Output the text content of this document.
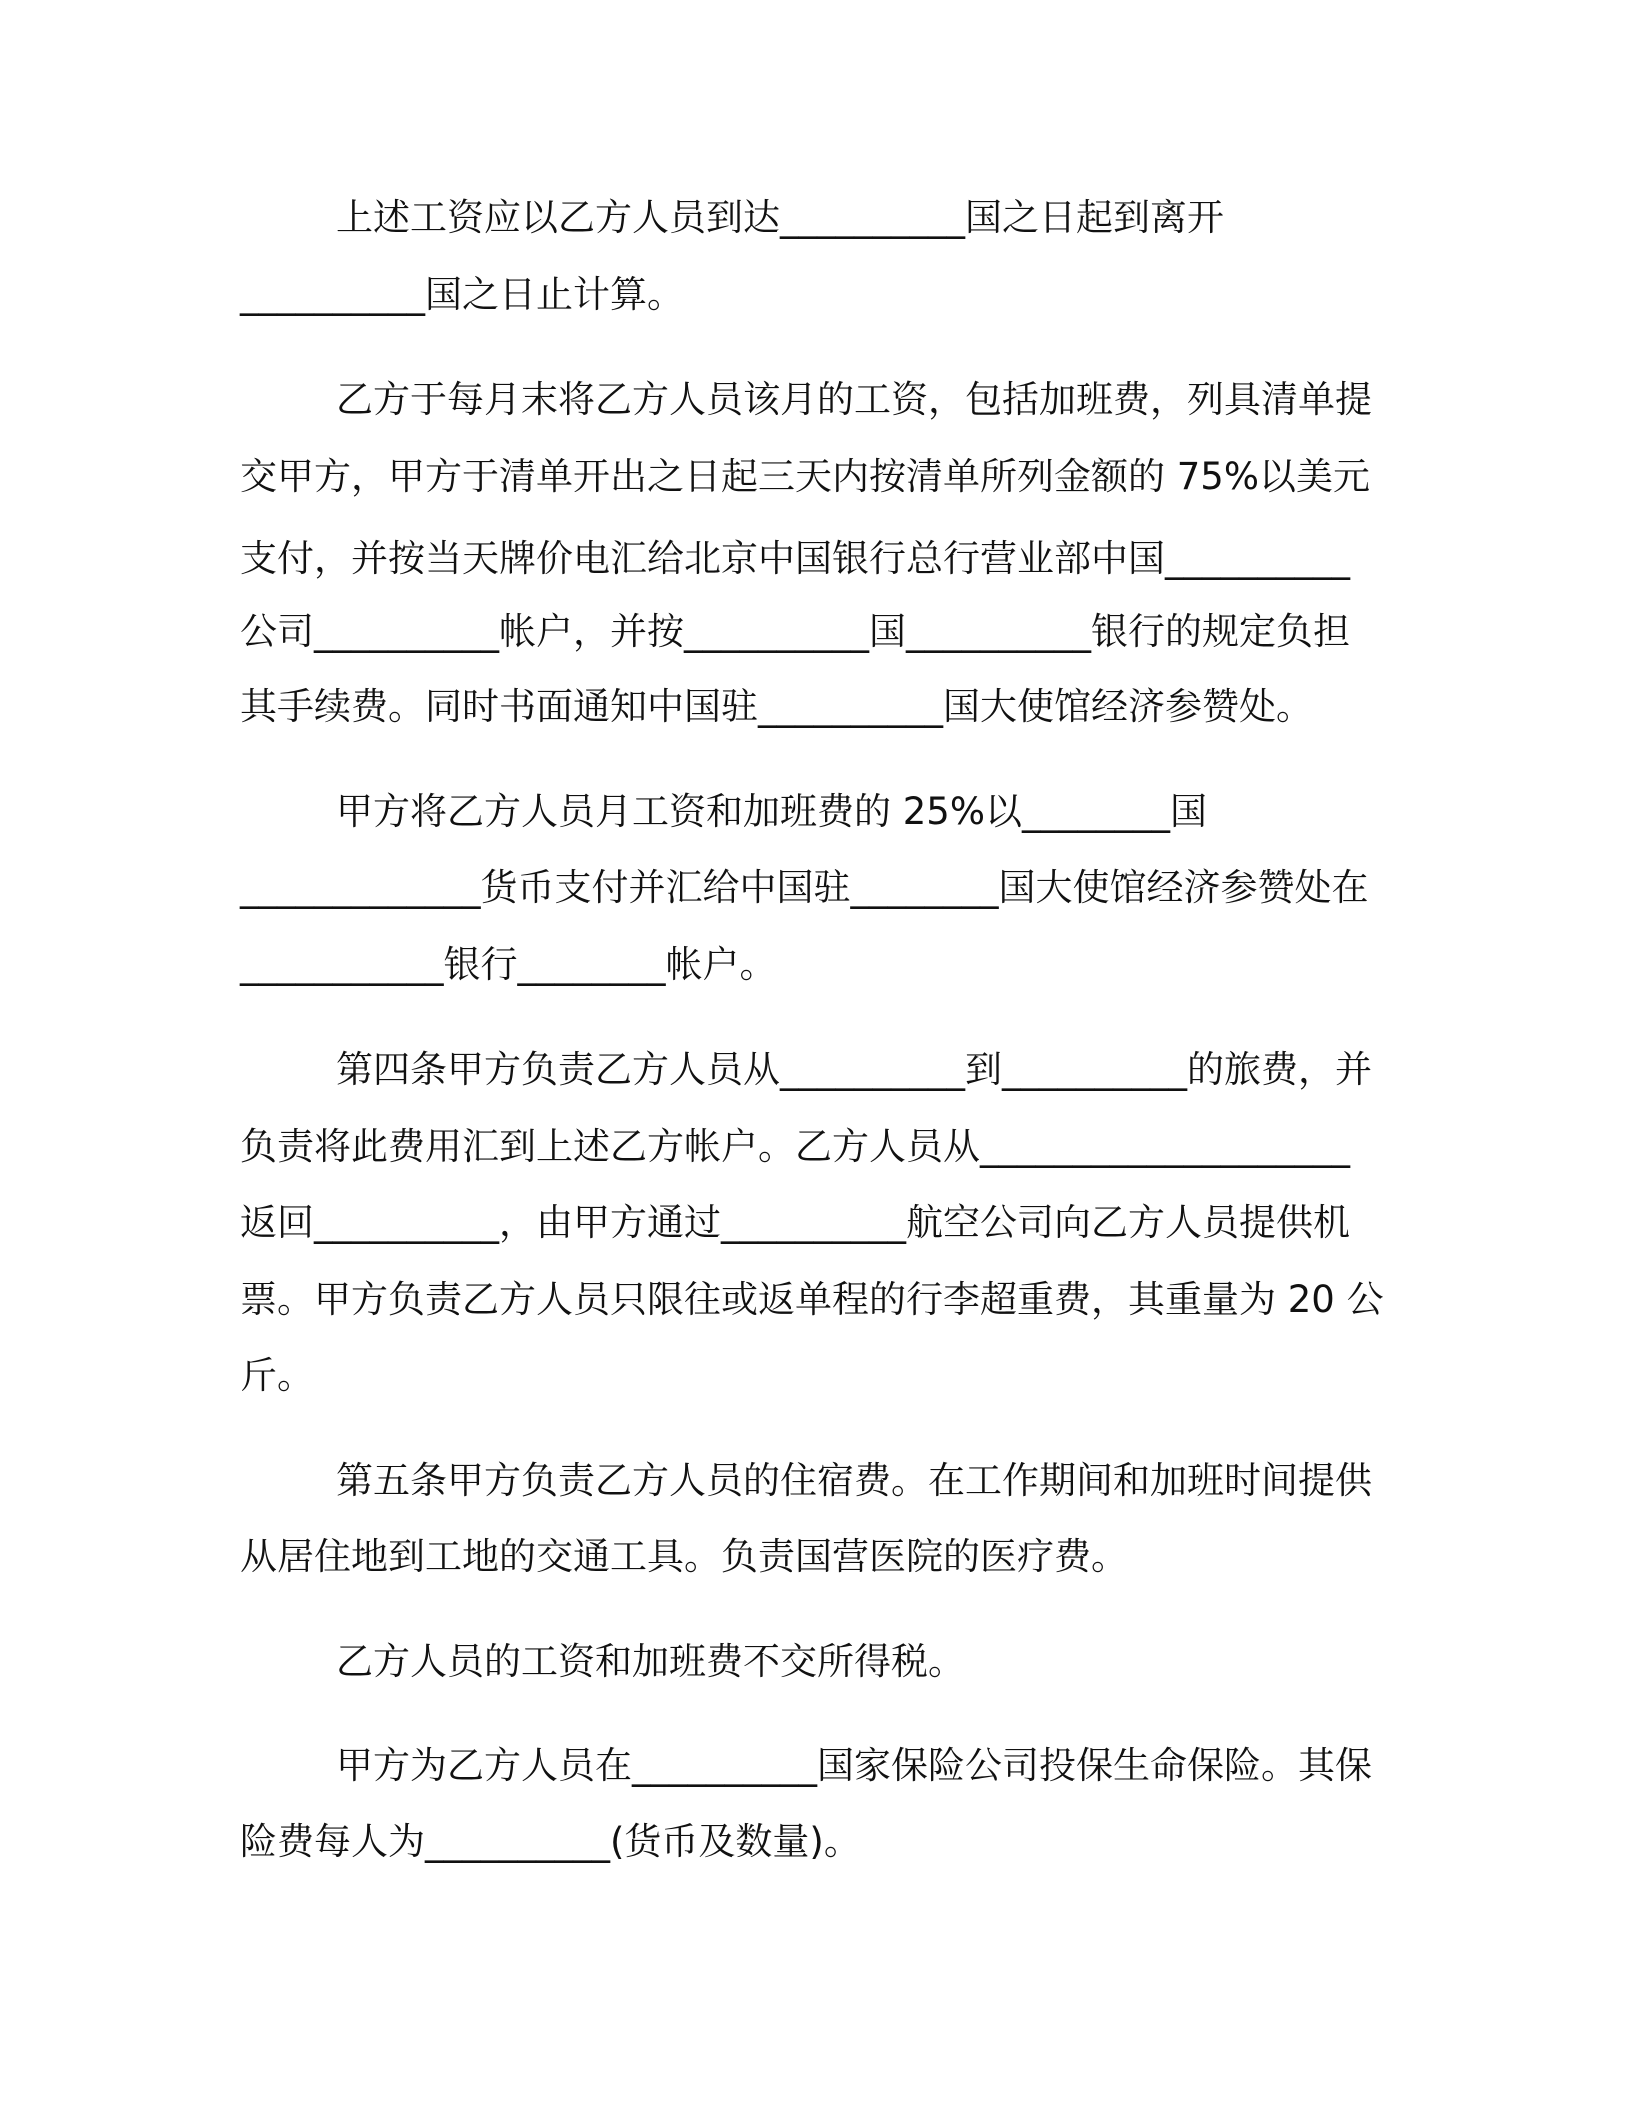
上述工资应以乙方人员到达__________国之日起到离开

__________国之日止计算。

乙方于每月末将乙方人员该月的工资，包括加班费，列具清单提

交甲方，甲方于清单开出之日起三天内按清单所列金额的 75%以美元

支付，并按当天牌价电汇给北京中国银行总行营业部中国__________

公司__________帐户，并按__________国__________银行的规定负担

其手续费。同时书面通知中国驻__________国大使馆经济参赞处。

甲方将乙方人员月工资和加班费的 25%以________国

_____________货币支付并汇给中国驻________国大使馆经济参赞处在

___________银行________帐户。

第四条甲方负责乙方人员从__________到__________的旅费，并

负责将此费用汇到上述乙方帐户。乙方人员从____________________

返回__________，由甲方通过__________航空公司向乙方人员提供机

票。甲方负责乙方人员只限往或返单程的行李超重费，其重量为 20 公

斤。

第五条甲方负责乙方人员的住宿费。在工作期间和加班时间提供

从居住地到工地的交通工具。负责国营医院的医疗费。

乙方人员的工资和加班费不交所得税。

甲方为乙方人员在__________国家保险公司投保生命保险。其保

险费每人为__________(货币及数量)。
